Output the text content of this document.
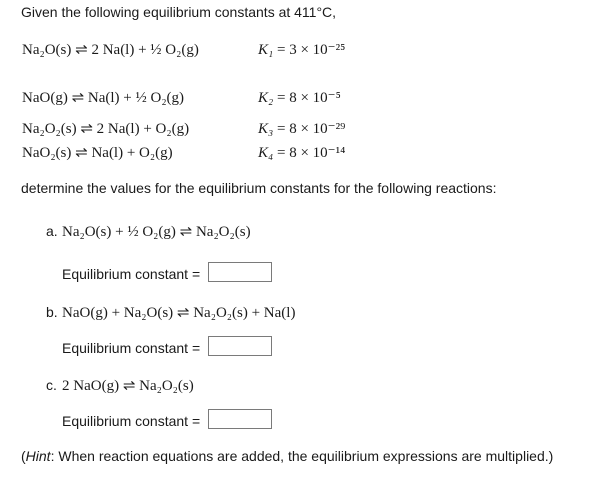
Given the following equilibrium constants at 411°C,
Na₂O(s) ⇌ 2 Na(l) + ½ O₂(g)	K₁ = 3 × 10⁻²⁵
NaO(g) ⇌ Na(l) + ½ O₂(g)	K₂ = 8 × 10⁻⁵
Na₂O₂(s) ⇌ 2 Na(l) + O₂(g)	K₃ = 8 × 10⁻²⁹
NaO₂(s) ⇌ Na(l) + O₂(g)	K₄ = 8 × 10⁻¹⁴
determine the values for the equilibrium constants for the following reactions:
a. Na₂O(s) + ½ O₂(g) ⇌ Na₂O₂(s)
Equilibrium constant =
b. NaO(g) + Na₂O(s) ⇌ Na₂O₂(s) + Na(l)
Equilibrium constant =
c. 2 NaO(g) ⇌ Na₂O₂(s)
Equilibrium constant =
(Hint: When reaction equations are added, the equilibrium expressions are multiplied.)
